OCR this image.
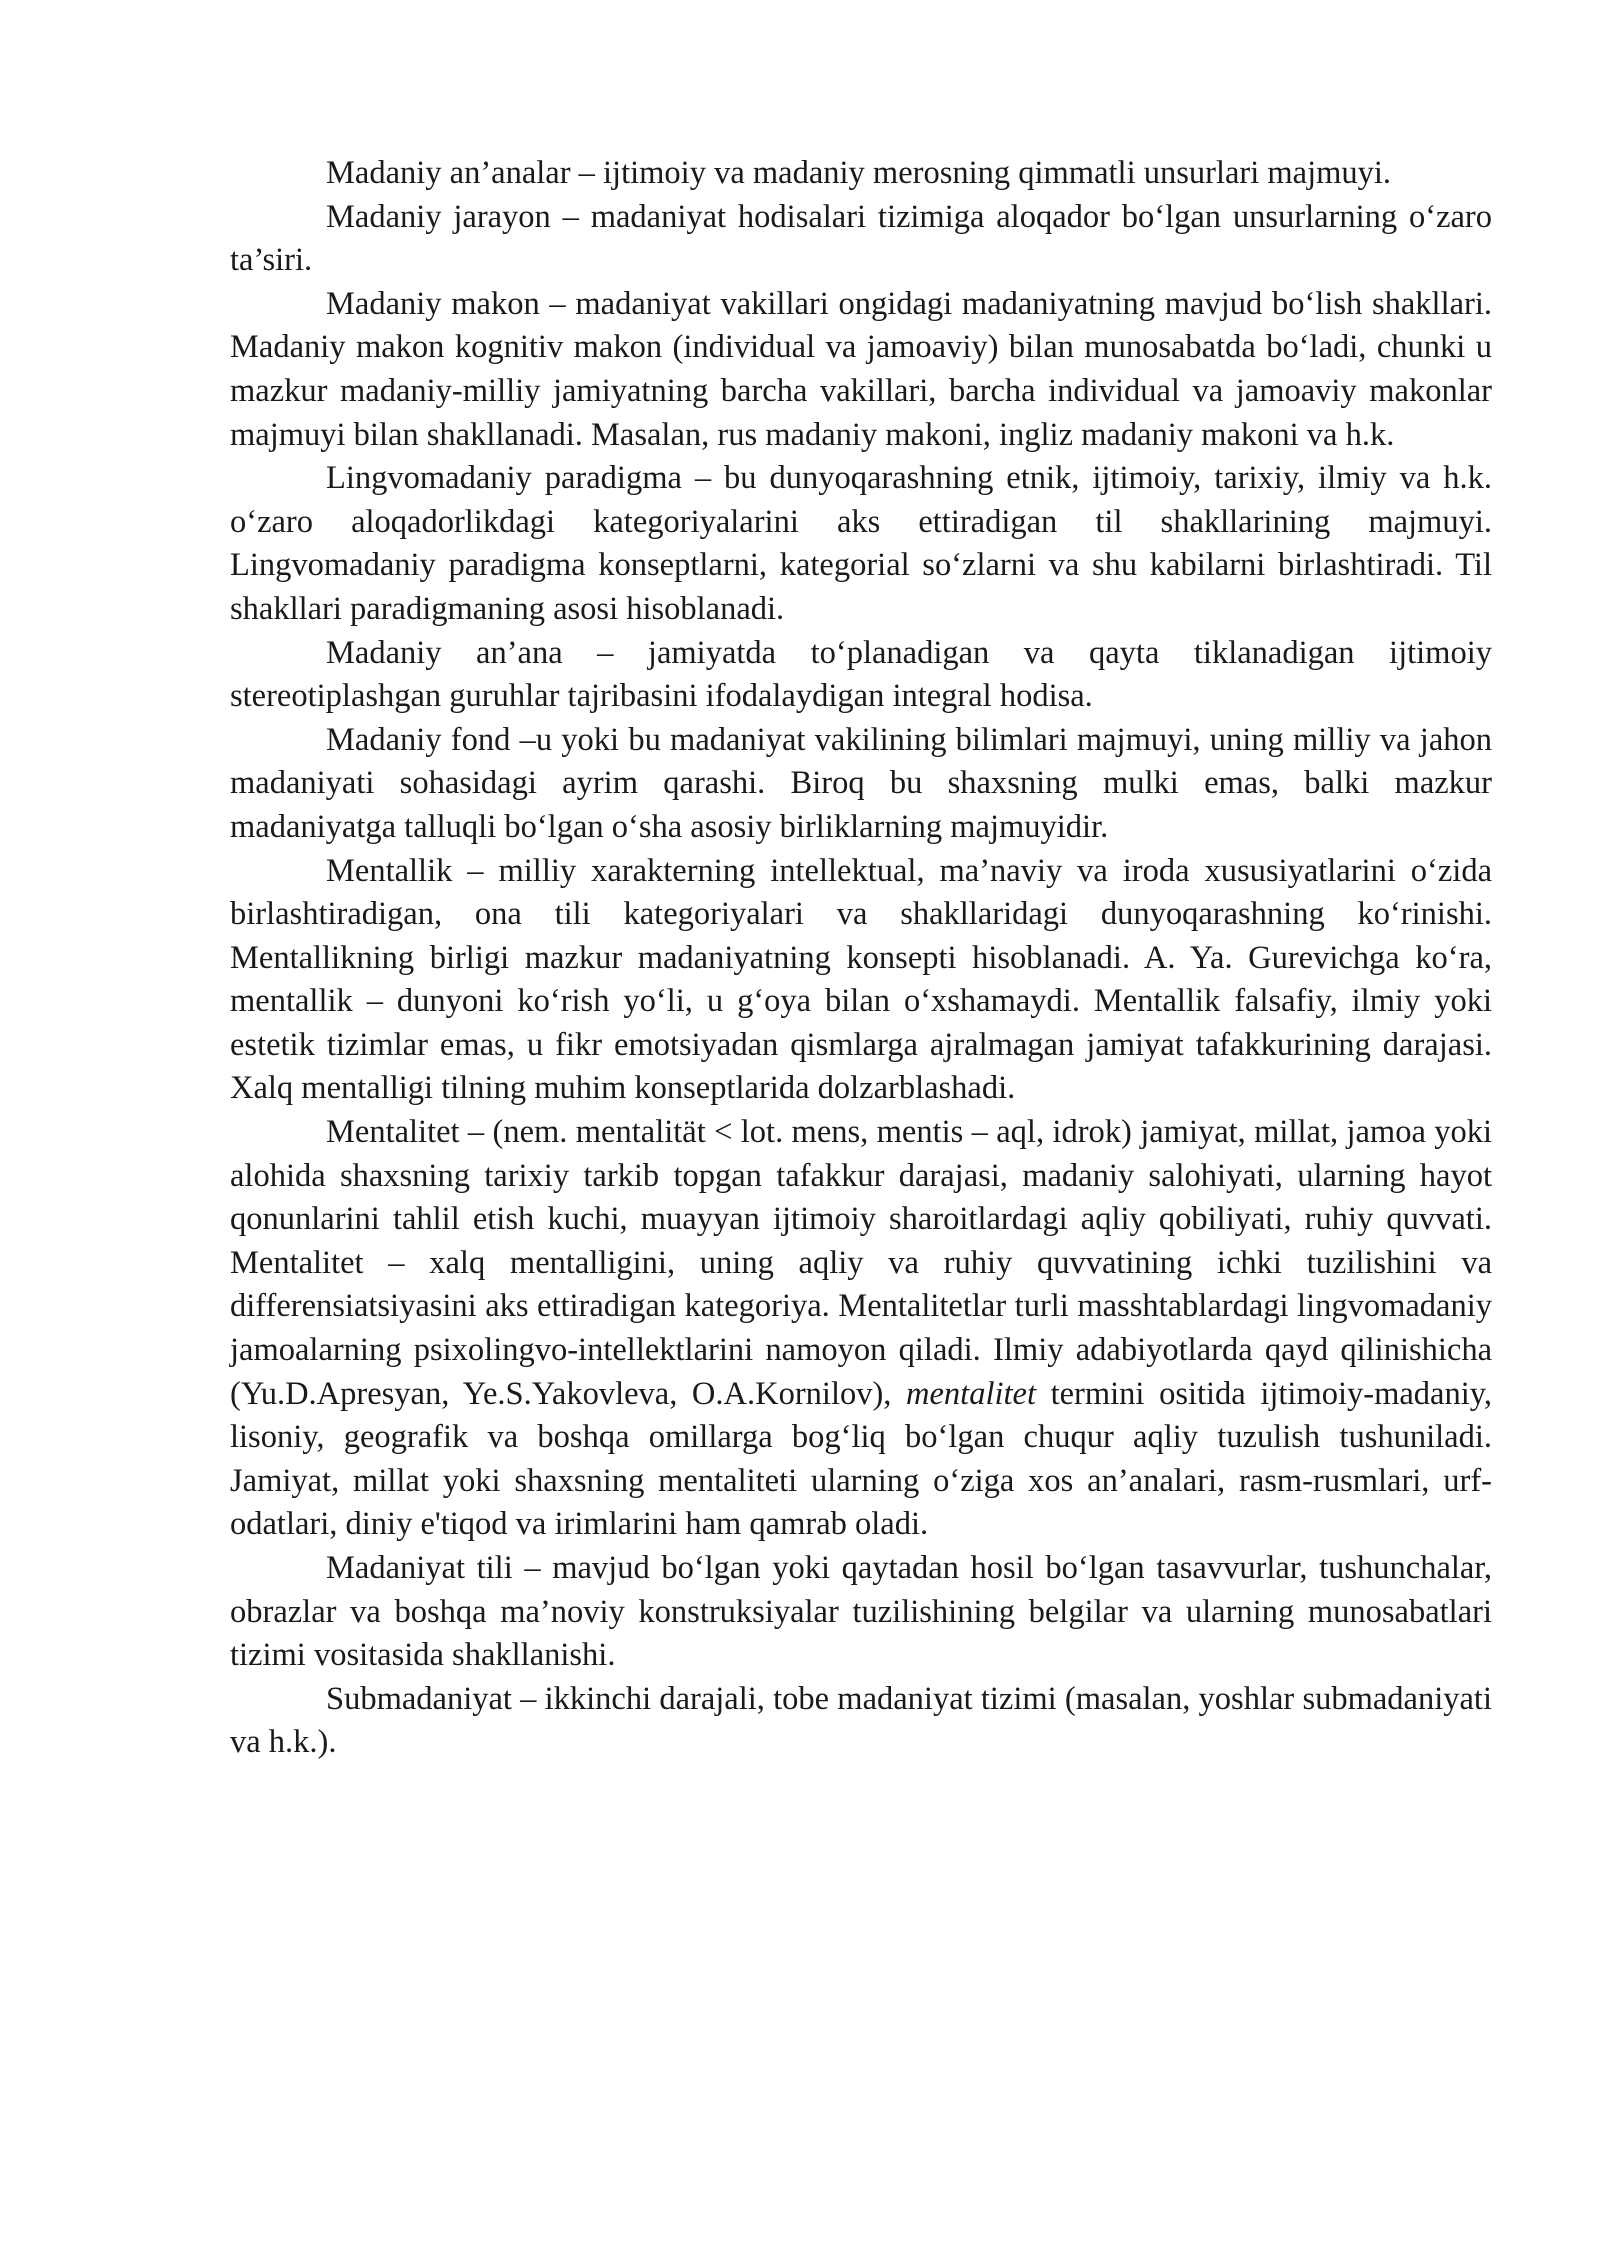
Madaniy an’analar – ijtimoiy va madaniy merosning qimmatli unsurlari majmuyi.

Madaniy jarayon – madaniyat hodisalari tizimiga aloqador bo‘lgan unsurlarning o‘zaro ta’siri.

Madaniy makon – madaniyat vakillari ongidagi madaniyatning mavjud bo‘lish shakllari. Madaniy makon kognitiv makon (individual va jamoaviy) bilan munosabatda bo‘ladi, chunki u mazkur madaniy-milliy jamiyatning barcha vakillari, barcha individual va jamoaviy makonlar majmuyi bilan shakllanadi. Masalan, rus madaniy makoni, ingliz madaniy makoni va h.k.

Lingvomadaniy paradigma – bu dunyoqarashning etnik, ijtimoiy, tarixiy, ilmiy va h.k. o‘zaro aloqadorlikdagi kategoriyalarini aks ettiradigan til shakllarining majmuyi. Lingvomadaniy paradigma konseptlarni, kategorial so‘zlarni va shu kabilarni birlashtiradi. Til shakllari paradigmaning asosi hisoblanadi.

Madaniy an’ana – jamiyatda to‘planadigan va qayta tiklanadigan ijtimoiy stereotiplashgan guruhlar tajribasini ifodalaydigan integral hodisa.

Madaniy fond –u yoki bu madaniyat vakilining bilimlari majmuyi, uning milliy va jahon madaniyati sohasidagi ayrim qarashi. Biroq bu shaxsning mulki emas, balki mazkur madaniyatga talluqli bo‘lgan o‘sha asosiy birliklarning majmuyidir.

Mentallik – milliy xarakterning intellektual, ma’naviy va iroda xususiyatlarini o‘zida birlashtiradigan, ona tili kategoriyalari va shakllaridagi dunyoqarashning ko‘rinishi. Mentallikning birligi mazkur madaniyatning konsepti hisoblanadi. A. Ya. Gurevichga ko‘ra, mentallik – dunyoni ko‘rish yo‘li, u g‘oya bilan o‘xshamaydi. Mentallik falsafiy, ilmiy yoki estetik tizimlar emas, u fikr emotsiyadan qismlarga ajralmagan jamiyat tafakkurining darajasi. Xalq mentalligi tilning muhim konseptlarida dolzarblashadi.

Mentalitet – (nem. mentalität < lot. mens, mentis – aql, idrok) jamiyat, millat, jamoa yoki alohida shaxsning tarixiy tarkib topgan tafakkur darajasi, madaniy salohiyati, ularning hayot qonunlarini tahlil etish kuchi, muayyan ijtimoiy sharoitlardagi aqliy qobiliyati, ruhiy quvvati. Mentalitet – xalq mentalligini, uning aqliy va ruhiy quvvatining ichki tuzilishini va differensiatsiyasini aks ettiradigan kategoriya. Mentalitetlar turli masshtablardagi lingvomadaniy jamoalarning psixolingvo-intellektlarini namoyon qiladi. Ilmiy adabiyotlarda qayd qilinishicha (Yu.D.Apresyan, Ye.S.Yakovleva, O.A.Kornilov), mentalitet termini ositida ijtimoiy-madaniy, lisoniy, geografik va boshqa omillarga bog‘liq bo‘lgan chuqur aqliy tuzulish tushuniladi. Jamiyat, millat yoki shaxsning mentaliteti ularning o‘ziga xos an’analari, rasm-rusmlari, urf-odatlari, diniy e'tiqod va irimlarini ham qamrab oladi.

Madaniyat tili – mavjud bo‘lgan yoki qaytadan hosil bo‘lgan tasavvurlar, tushunchalar, obrazlar va boshqa ma’noviy konstruksiyalar tuzilishining belgilar va ularning munosabatlari tizimi vositasida shakllanishi.

Submadaniyat – ikkinchi darajali, tobe madaniyat tizimi (masalan, yoshlar submadaniyati va h.k.).
